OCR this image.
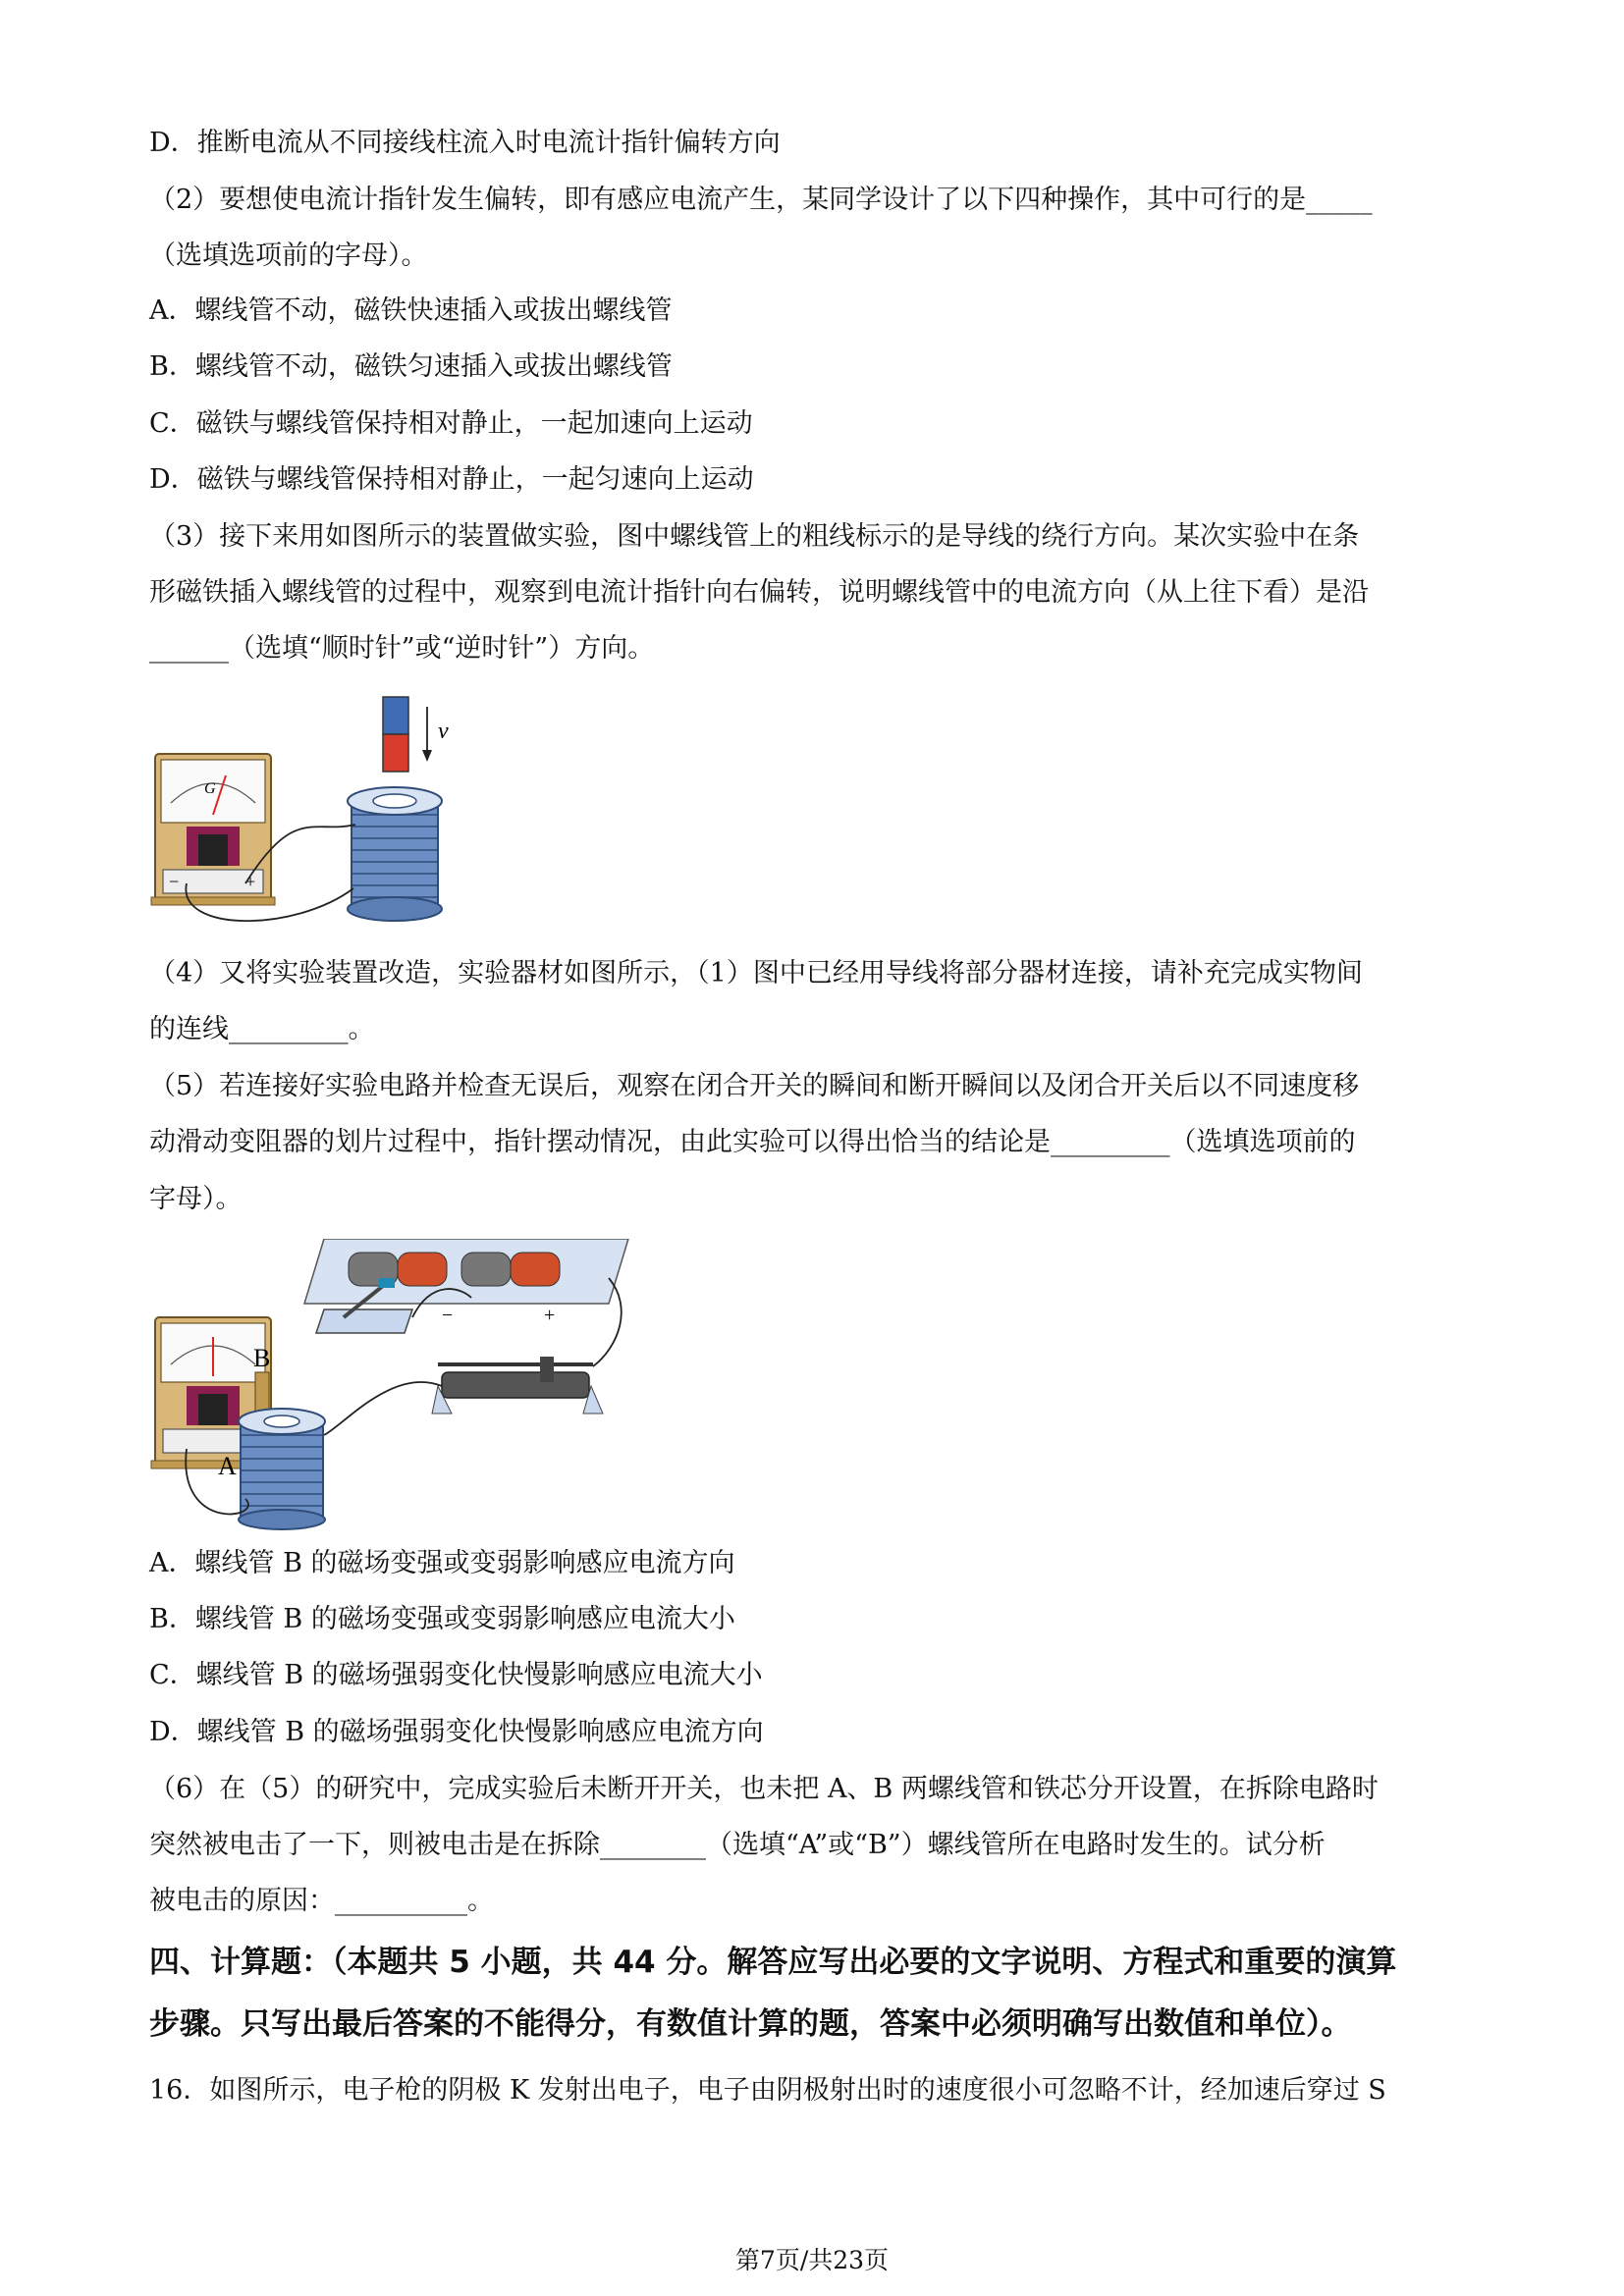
D．推断电流从不同接线柱流入时电流计指针偏转方向
（2）要想使电流计指针发生偏转，即有感应电流产生，某同学设计了以下四种操作，其中可行的是_____
（选填选项前的字母）。
A．螺线管不动，磁铁快速插入或拔出螺线管
B．螺线管不动，磁铁匀速插入或拔出螺线管
C．磁铁与螺线管保持相对静止，一起加速向上运动
D．磁铁与螺线管保持相对静止，一起匀速向上运动
（3）接下来用如图所示的装置做实验，图中螺线管上的粗线标示的是导线的绕行方向。某次实验中在条
形磁铁插入螺线管的过程中，观察到电流计指针向右偏转，说明螺线管中的电流方向（从上往下看）是沿
______（选填“顺时针”或“逆时针”）方向。
v
G
−	+
（4）又将实验装置改造，实验器材如图所示，（1）图中已经用导线将部分器材连接，请补充完成实物间
的连线_________。
（5）若连接好实验电路并检查无误后，观察在闭合开关的瞬间和断开瞬间以及闭合开关后以不同速度移
动滑动变阻器的划片过程中，指针摆动情况，由此实验可以得出恰当的结论是_________（选填选项前的
字母）。
−	+
B
A
A．螺线管 B 的磁场变强或变弱影响感应电流方向
B．螺线管 B 的磁场变强或变弱影响感应电流大小
C．螺线管 B 的磁场强弱变化快慢影响感应电流大小
D．螺线管 B 的磁场强弱变化快慢影响感应电流方向
（6）在（5）的研究中，完成实验后未断开开关，也未把 A、B 两螺线管和铁芯分开设置，在拆除电路时
突然被电击了一下，则被电击是在拆除________（选填“A”或“B”）螺线管所在电路时发生的。试分析
被电击的原因：__________。
四、计算题：（本题共 5 小题，共 44 分。解答应写出必要的文字说明、方程式和重要的演算
步骤。只写出最后答案的不能得分，有数值计算的题，答案中必须明确写出数值和单位）。
16．如图所示，电子枪的阴极 K 发射出电子，电子由阴极射出时的速度很小可忽略不计，经加速后穿过 S
第7页/共23页
